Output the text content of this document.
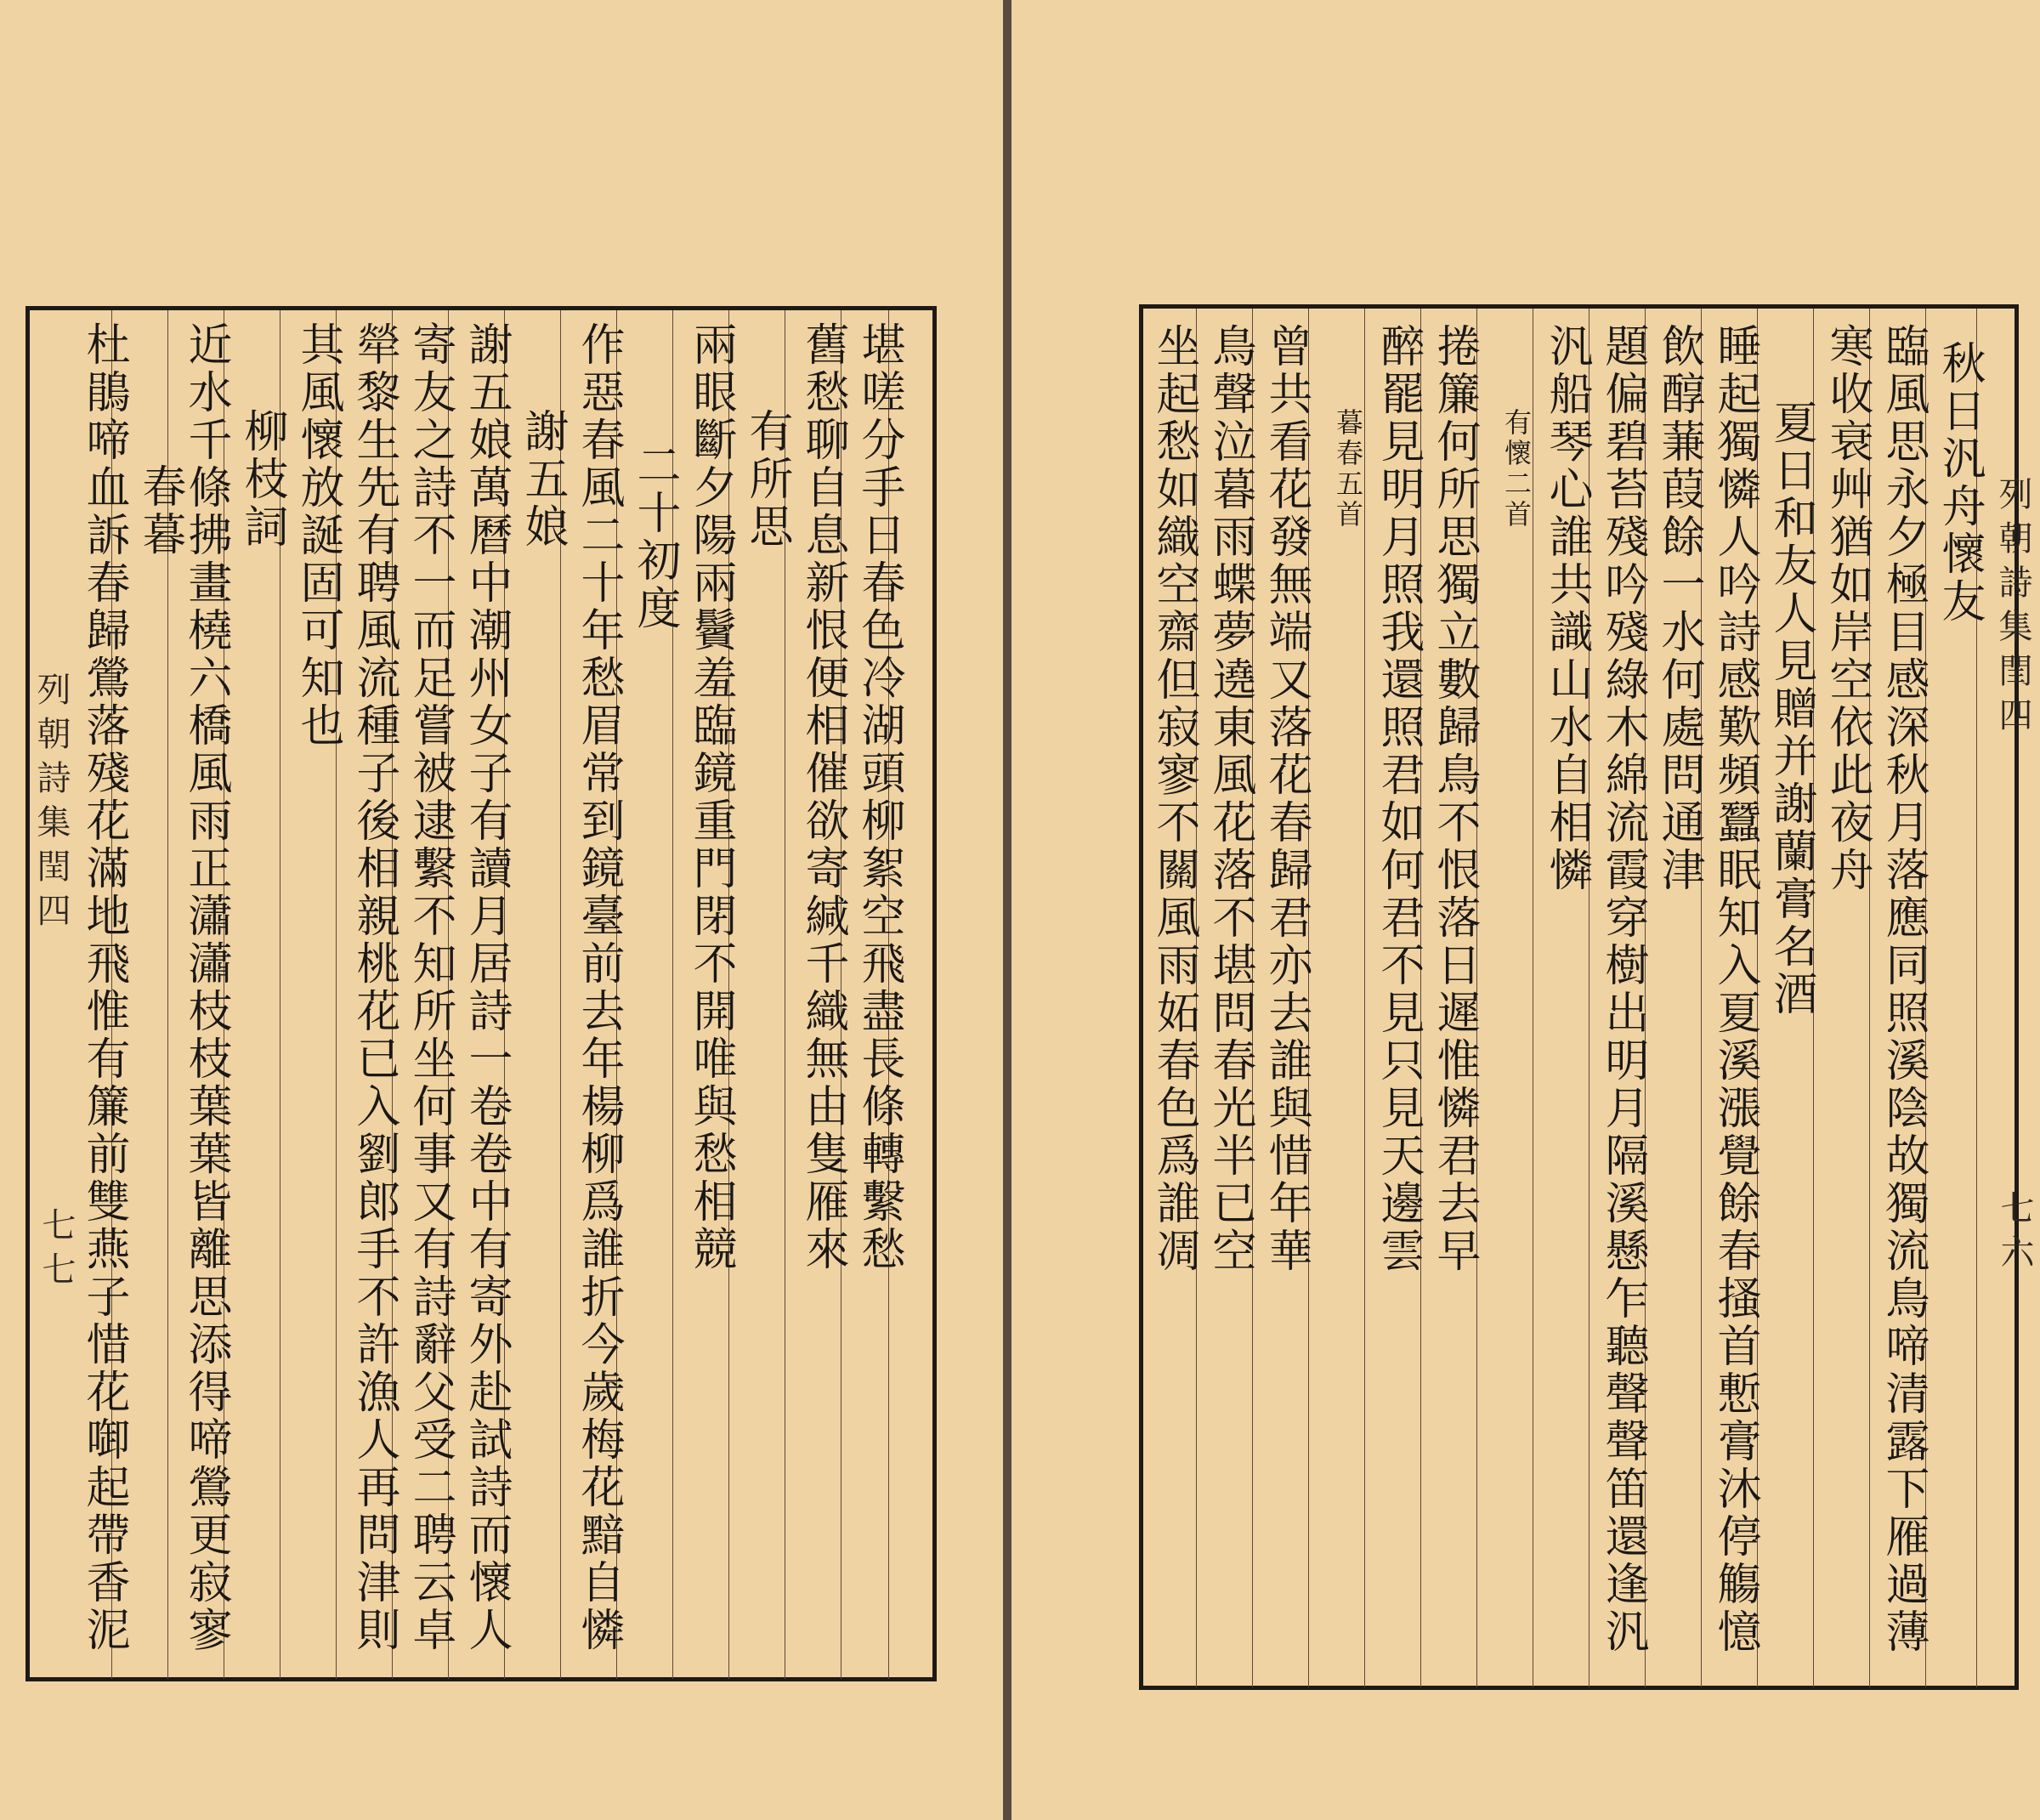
堪嗟分手日春色冷湖頭柳絮空飛盡長條轉繫愁
舊愁聊自息新恨便相催欲寄緘千織無由隻雁來
有所思
兩眼斷夕陽兩鬢羞臨鏡重門閉不開唯與愁相競
二十初度
作惡春風二十年愁眉常到鏡臺前去年楊柳爲誰折今歲梅花黯自憐
謝五娘
謝五娘萬曆中潮州女子有讀月居詩一卷卷中有寄外赴試詩而懷人
寄友之詩不一而足嘗被逮繫不知所坐何事又有詩辭父受二聘云卓
犖黎生先有聘風流種子後相親桃花已入劉郎手不許漁人再問津則
其風懷放誕固可知也
柳枝詞
近水千條拂畫橈六橋風雨正瀟瀟枝枝葉葉皆離思添得啼鶯更寂寥
春暮
杜鵑啼血訴春歸鶯落殘花滿地飛惟有簾前雙燕子惜花啣起帶香泥
列朝詩集閏四
七七
秋日汎舟懷友
臨風思永夕極目感深秋月落應同照溪陰故獨流鳥啼清露下雁過薄
寒收衰艸猶如岸空依此夜舟
夏日和友人見贈并謝蘭膏名酒
睡起獨憐人吟詩感歎頻蠶眠知入夏溪漲覺餘春搔首慙膏沐停觴憶
飲醇蒹葭餘一水何處問通津
題偏碧苔殘吟殘綠木綿流霞穿樹出明月隔溪懸乍聽聲聲笛還逢汎
汎船琴心誰共識山水自相憐
有懷二首
捲簾何所思獨立數歸鳥不恨落日遲惟憐君去早
醉罷見明月照我還照君如何君不見只見天邊雲
暮春五首
曾共看花發無端又落花春歸君亦去誰與惜年華
鳥聲泣暮雨蝶夢遶東風花落不堪問春光半已空
坐起愁如織空齋但寂寥不關風雨妬春色爲誰凋	列朝詩集閏四
七六
